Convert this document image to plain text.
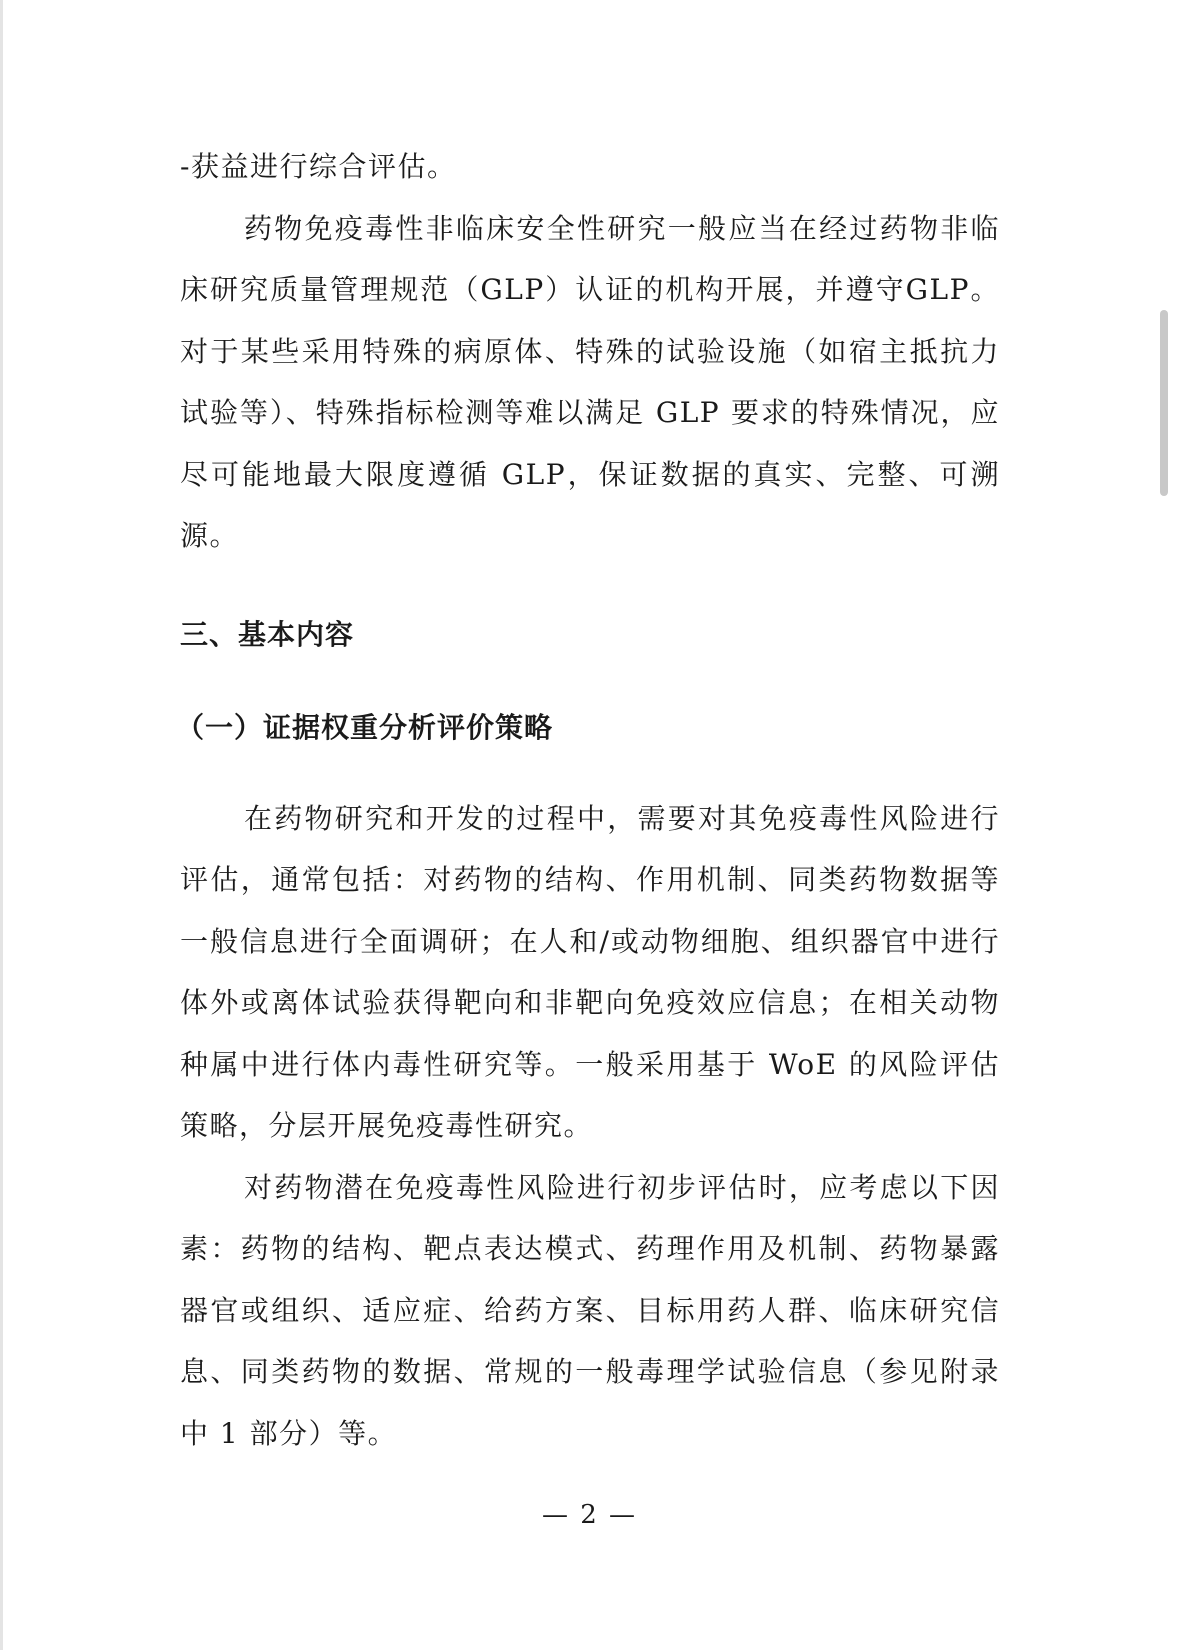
-获益进行综合评估。

药物免疫毒性非临床安全性研究一般应当在经过药物非临床研究质量管理规范（GLP）认证的机构开展，并遵守GLP。对于某些采用特殊的病原体、特殊的试验设施（如宿主抵抗力试验等）、特殊指标检测等难以满足 GLP 要求的特殊情况，应尽可能地最大限度遵循 GLP，保证数据的真实、完整、可溯源。

三、基本内容
（一）证据权重分析评价策略

在药物研究和开发的过程中，需要对其免疫毒性风险进行评估，通常包括：对药物的结构、作用机制、同类药物数据等一般信息进行全面调研；在人和/或动物细胞、组织器官中进行体外或离体试验获得靶向和非靶向免疫效应信息；在相关动物种属中进行体内毒性研究等。一般采用基于 WoE 的风险评估策略，分层开展免疫毒性研究。

对药物潜在免疫毒性风险进行初步评估时，应考虑以下因素：药物的结构、靶点表达模式、药理作用及机制、药物暴露器官或组织、适应症、给药方案、目标用药人群、临床研究信息、同类药物的数据、常规的一般毒理学试验信息（参见附录中 1 部分）等。

— 2 —
